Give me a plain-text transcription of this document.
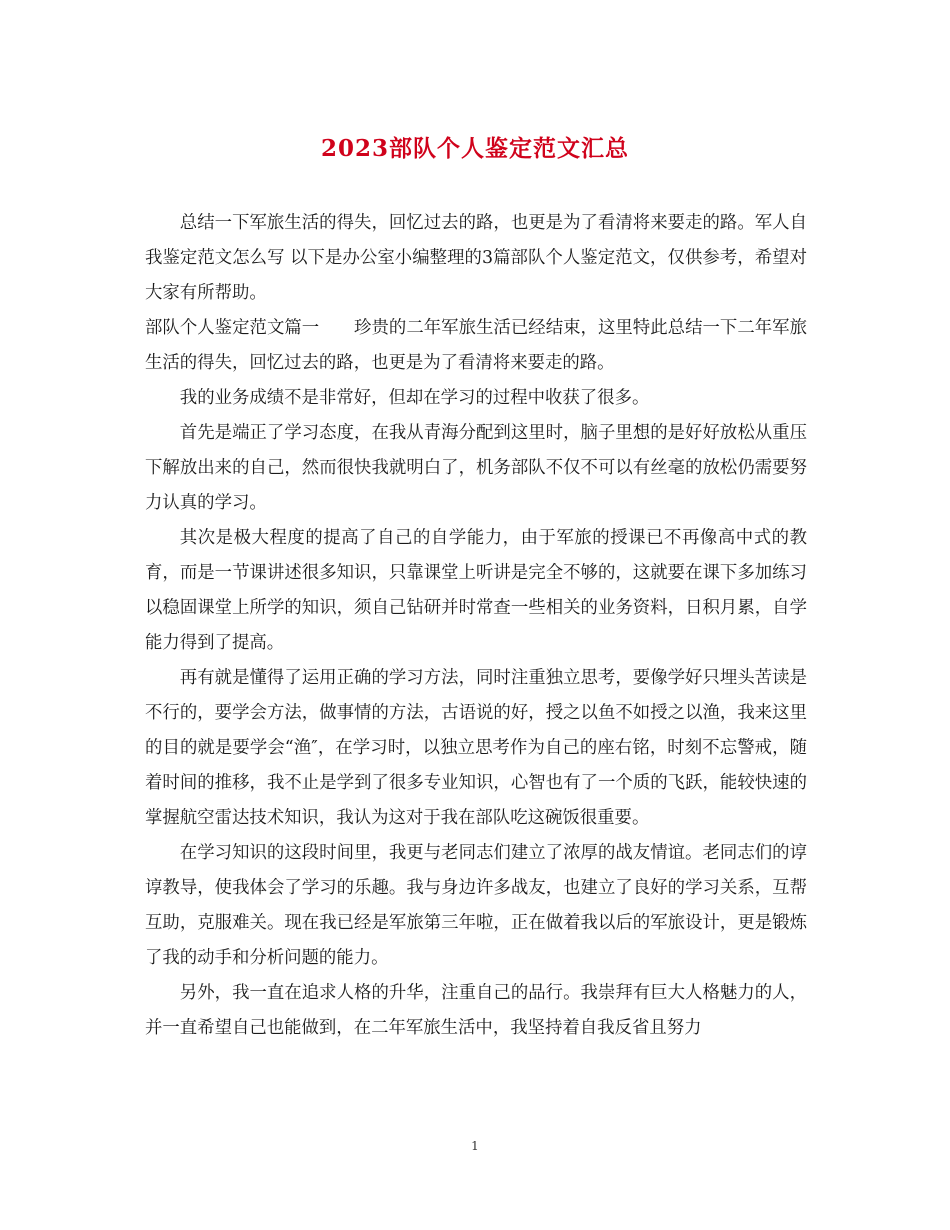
2023部队个人鉴定范文汇总

总结一下军旅生活的得失，回忆过去的路，也更是为了看清将来要走的路。军人自我鉴定范文怎么写 以下是办公室小编整理的3篇部队个人鉴定范文，仅供参考，希望对大家有所帮助。

部队个人鉴定范文篇一　　珍贵的二年军旅生活已经结束，这里特此总结一下二年军旅生活的得失，回忆过去的路，也更是为了看清将来要走的路。

我的业务成绩不是非常好，但却在学习的过程中收获了很多。

首先是端正了学习态度，在我从青海分配到这里时，脑子里想的是好好放松从重压下解放出来的自己，然而很快我就明白了，机务部队不仅不可以有丝毫的放松仍需要努力认真的学习。

其次是极大程度的提高了自己的自学能力，由于军旅的授课已不再像高中式的教育，而是一节课讲述很多知识，只靠课堂上听讲是完全不够的，这就要在课下多加练习以稳固课堂上所学的知识，须自己钻研并时常查一些相关的业务资料，日积月累，自学能力得到了提高。

再有就是懂得了运用正确的学习方法，同时注重独立思考，要像学好只埋头苦读是不行的，要学会方法，做事情的方法，古语说的好，授之以鱼不如授之以渔，我来这里的目的就是要学会“渔″，在学习时，以独立思考作为自己的座右铭，时刻不忘警戒，随着时间的推移，我不止是学到了很多专业知识，心智也有了一个质的飞跃，能较快速的掌握航空雷达技术知识，我认为这对于我在部队吃这碗饭很重要。

在学习知识的这段时间里，我更与老同志们建立了浓厚的战友情谊。老同志们的谆谆教导，使我体会了学习的乐趣。我与身边许多战友，也建立了良好的学习关系，互帮互助，克服难关。现在我已经是军旅第三年啦，正在做着我以后的军旅设计，更是锻炼了我的动手和分析问题的能力。

另外，我一直在追求人格的升华，注重自己的品行。我崇拜有巨大人格魅力的人，并一直希望自己也能做到，在二年军旅生活中，我坚持着自我反省且努力

1
